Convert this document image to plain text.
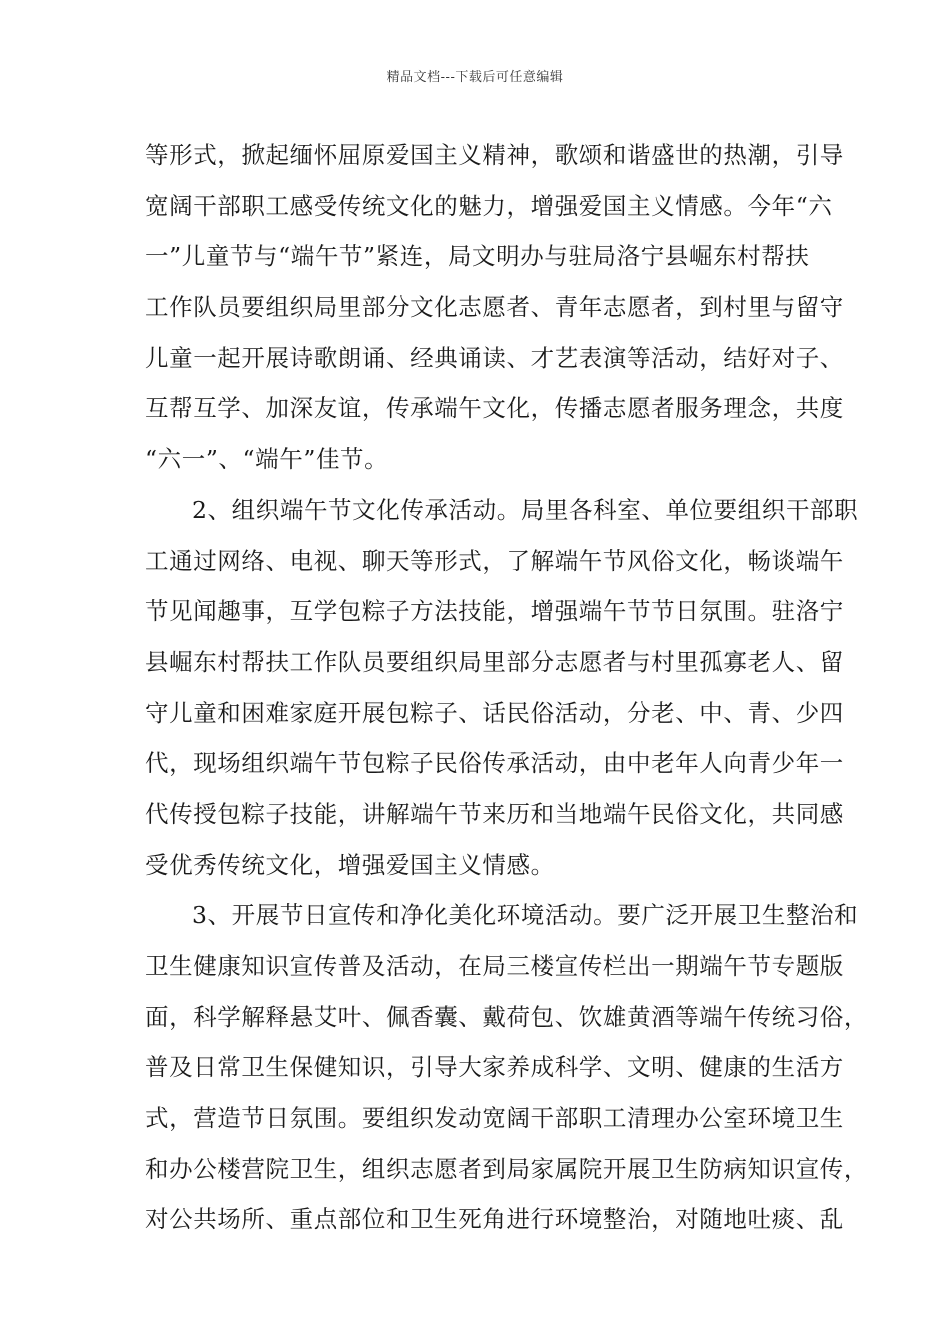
精品文档---下载后可任意编辑
等形式，掀起缅怀屈原爱国主义精神，歌颂和谐盛世的热潮，引导
宽阔干部职工感受传统文化的魅力，增强爱国主义情感。今年“六
一”儿童节与“端午节”紧连，局文明办与驻局洛宁县崛东村帮扶
工作队员要组织局里部分文化志愿者、青年志愿者，到村里与留守
儿童一起开展诗歌朗诵、经典诵读、才艺表演等活动，结好对子、
互帮互学、加深友谊，传承端午文化，传播志愿者服务理念，共度
“六一”、“端午”佳节。
2、组织端午节文化传承活动。局里各科室、单位要组织干部职
工通过网络、电视、聊天等形式，了解端午节风俗文化，畅谈端午
节见闻趣事，互学包粽子方法技能，增强端午节节日氛围。驻洛宁
县崛东村帮扶工作队员要组织局里部分志愿者与村里孤寡老人、留
守儿童和困难家庭开展包粽子、话民俗活动，分老、中、青、少四
代，现场组织端午节包粽子民俗传承活动，由中老年人向青少年一
代传授包粽子技能，讲解端午节来历和当地端午民俗文化，共同感
受优秀传统文化，增强爱国主义情感。
3、开展节日宣传和净化美化环境活动。要广泛开展卫生整治和
卫生健康知识宣传普及活动，在局三楼宣传栏出一期端午节专题版
面，科学解释悬艾叶、佩香囊、戴荷包、饮雄黄酒等端午传统习俗，
普及日常卫生保健知识，引导大家养成科学、文明、健康的生活方
式，营造节日氛围。要组织发动宽阔干部职工清理办公室环境卫生
和办公楼营院卫生，组织志愿者到局家属院开展卫生防病知识宣传，
对公共场所、重点部位和卫生死角进行环境整治，对随地吐痰、乱
